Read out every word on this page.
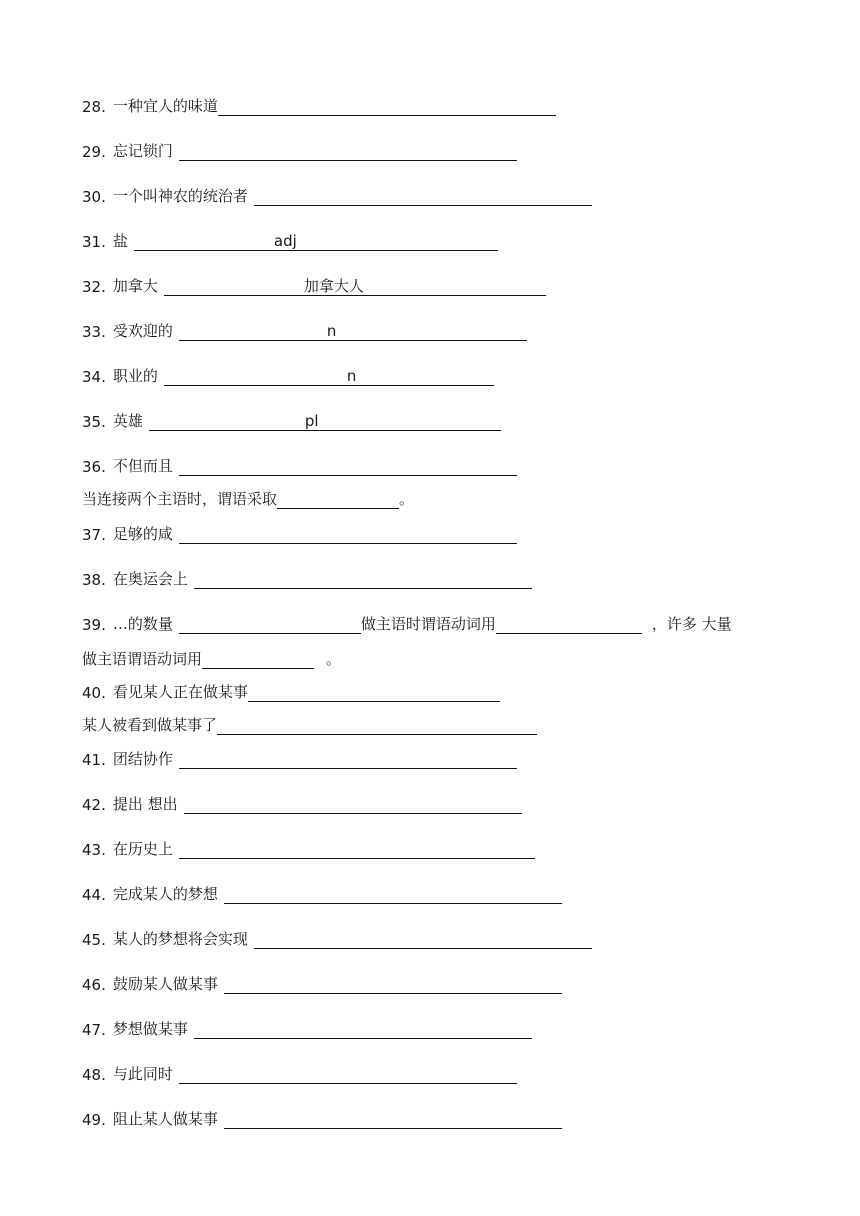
28. 一种宜人的味道
29. 忘记锁门
30. 一个叫神农的统治者
31. 盐	adj
32. 加拿大	加拿大人
33. 受欢迎的	n
34. 职业的	n
35. 英雄	pl
36. 不但而且
当连接两个主语时，谓语采取	。
37. 足够的咸
38. 在奥运会上
39. …的数量	做主语时谓语动词用	，许多 大量
做主语谓语动词用	。
40. 看见某人正在做某事
某人被看到做某事了
41. 团结协作
42. 提出 想出
43. 在历史上
44. 完成某人的梦想
45. 某人的梦想将会实现
46. 鼓励某人做某事
47. 梦想做某事
48. 与此同时
49. 阻止某人做某事
